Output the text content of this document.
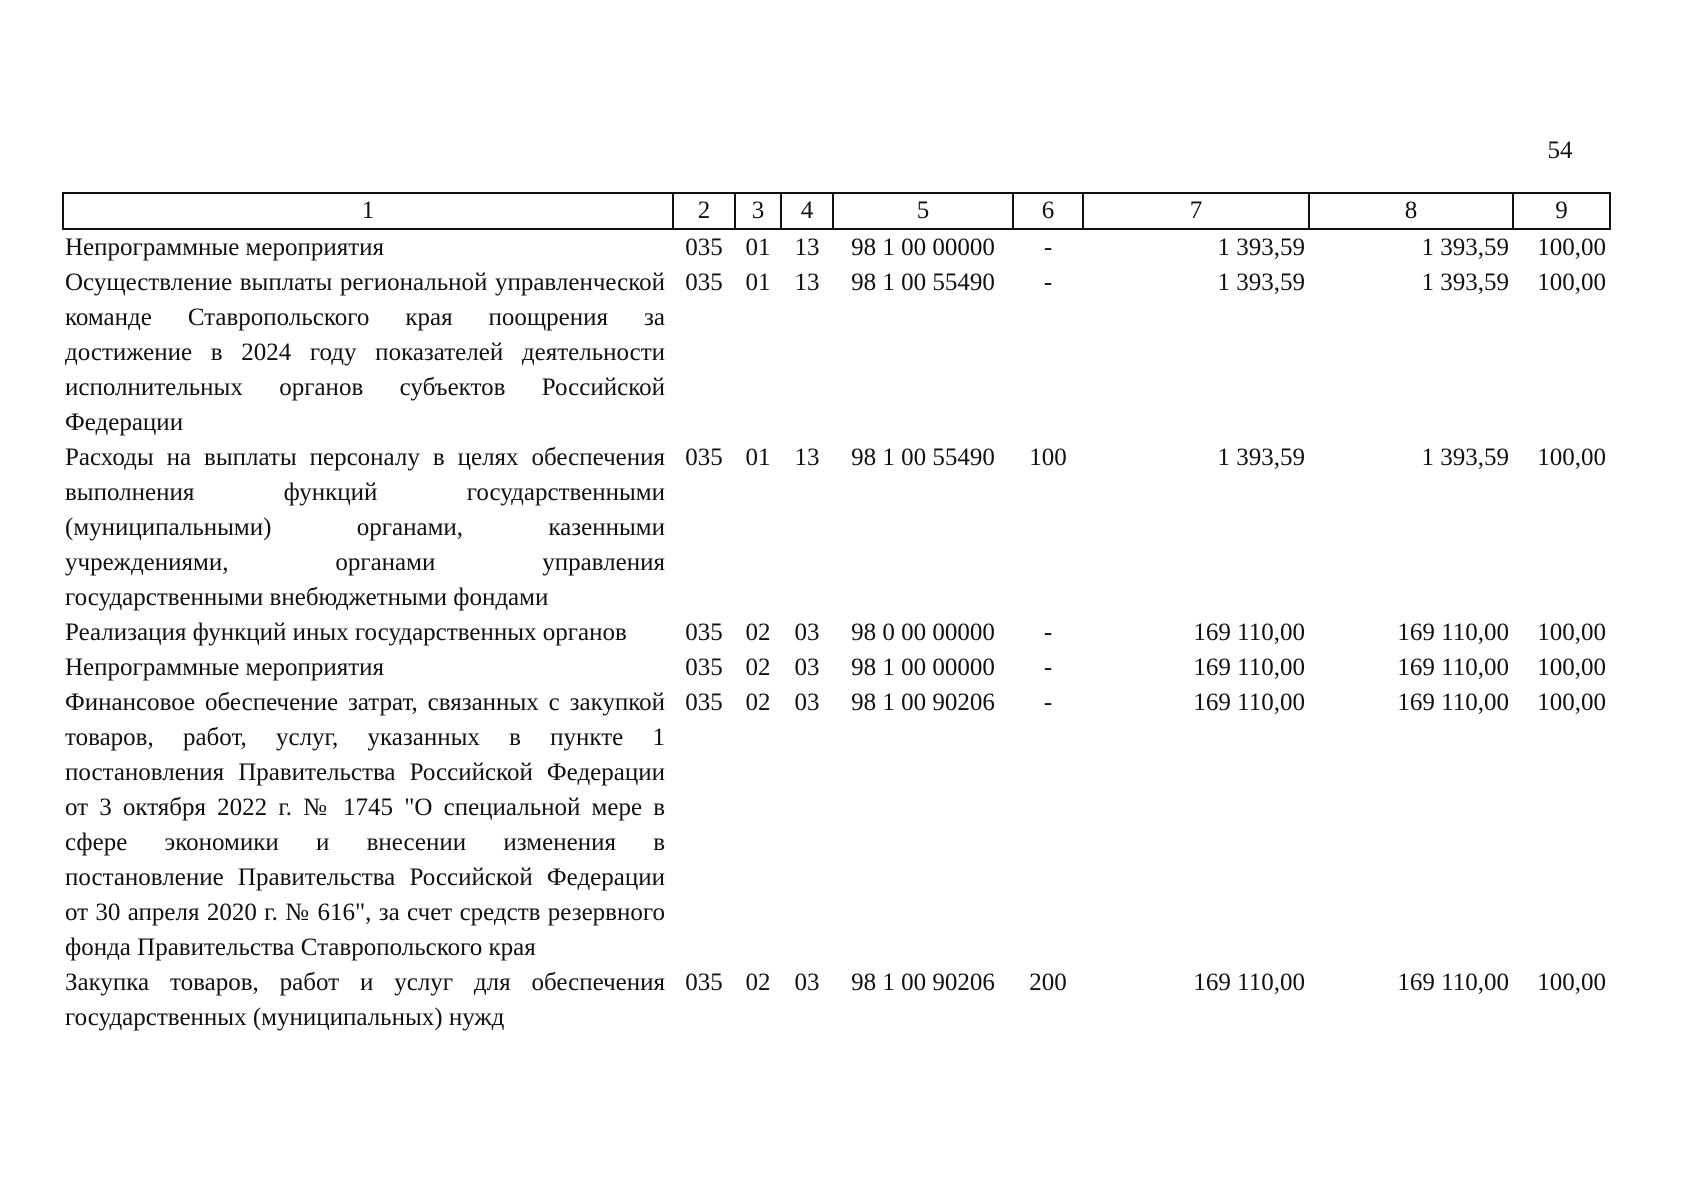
54
1	2	3	4	5	6	7	8	9
Непрограммные мероприятия	035	01	13	98 1 00 00000	-	1 393,59	1 393,59	100,00
Осуществление выплаты региональной управленческой команде Ставропольского края поощрения за достижение в 2024 году показателей деятельности исполнительных органов субъектов Российской Федерации	035	01	13	98 1 00 55490	-	1 393,59	1 393,59	100,00
Расходы на выплаты персоналу в целях обеспечения выполнения функций государственными (муниципальными) органами, казенными учреждениями, органами управления государственными внебюджетными фондами	035	01	13	98 1 00 55490	100	1 393,59	1 393,59	100,00
Реализация функций иных государственных органов	035	02	03	98 0 00 00000	-	169 110,00	169 110,00	100,00
Непрограммные мероприятия	035	02	03	98 1 00 00000	-	169 110,00	169 110,00	100,00
Финансовое обеспечение затрат, связанных с закупкой товаров, работ, услуг, указанных в пункте 1 постановления Правительства Российской Федерации от 3 октября 2022 г. № 1745 "О специальной мере в сфере экономики и внесении изменения в постановление Правительства Российской Федерации от 30 апреля 2020 г. № 616", за счет средств резервного фонда Правительства Ставропольского края	035	02	03	98 1 00 90206	-	169 110,00	169 110,00	100,00
Закупка товаров, работ и услуг для обеспечения государственных (муниципальных) нужд	035	02	03	98 1 00 90206	200	169 110,00	169 110,00	100,00
